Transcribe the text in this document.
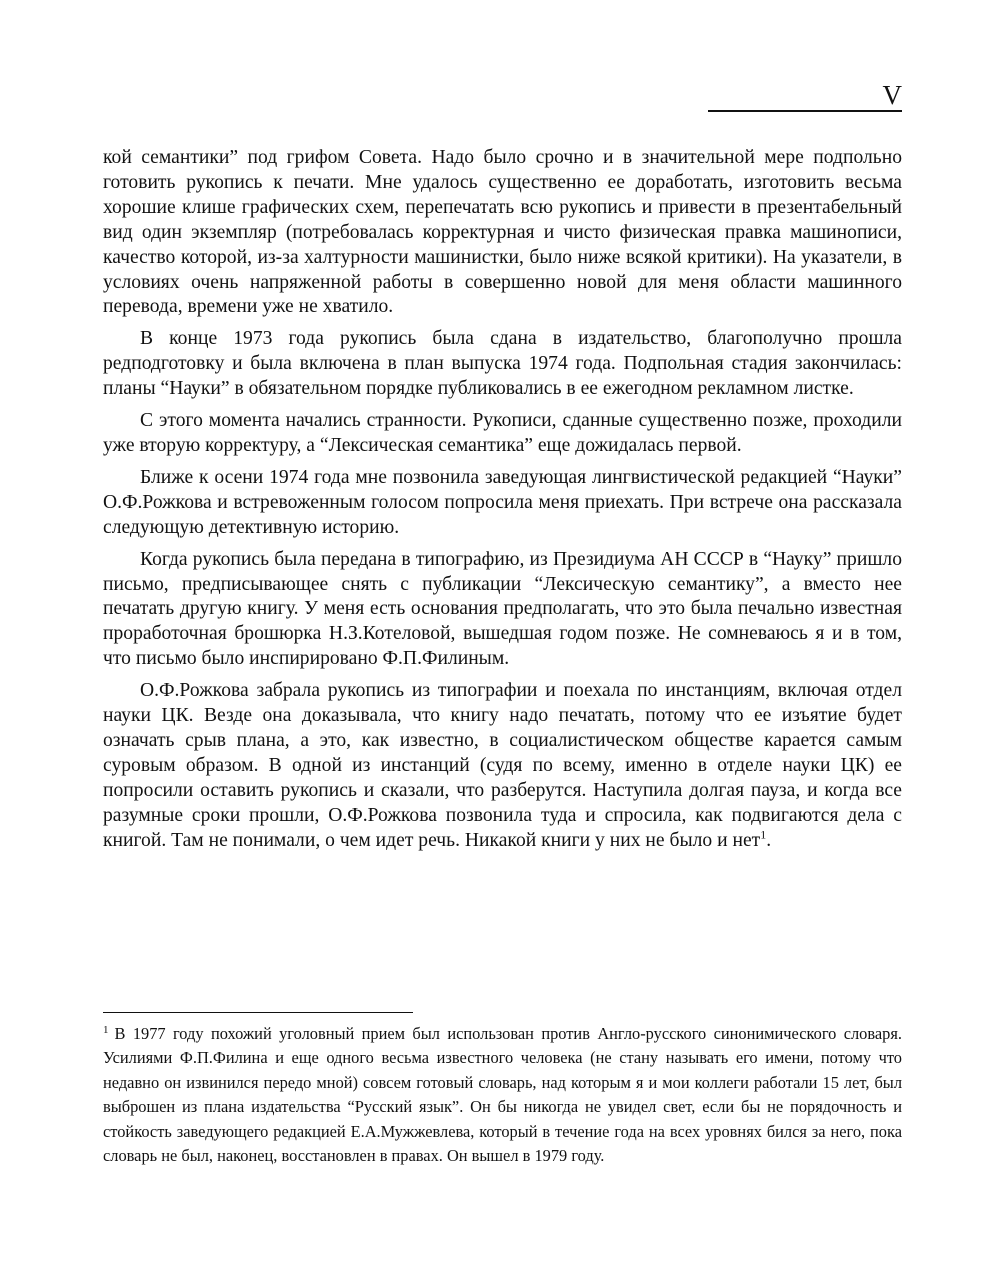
V

кой семантики” под грифом Совета. Надо было срочно и в значительной мере подпольно готовить рукопись к печати. Мне удалось существенно ее доработать, изготовить весьма хорошие клише графических схем, перепечатать всю рукопись и привести в презентабельный вид один экземпляр (потребовалась корректурная и чисто физическая правка машинописи, качество которой, из-за халтурности машинистки, было ниже всякой критики). На указатели, в условиях очень напряженной работы в совершенно новой для меня области машинного перевода, времени уже не хватило.

В конце 1973 года рукопись была сдана в издательство, благополучно прошла редподготовку и была включена в план выпуска 1974 года. Подпольная стадия закончилась: планы “Науки” в обязательном порядке публиковались в ее ежегодном рекламном листке.

С этого момента начались странности. Рукописи, сданные существенно позже, проходили уже вторую корректуру, а “Лексическая семантика” еще дожидалась первой.

Ближе к осени 1974 года мне позвонила заведующая лингвистической редакцией “Науки” О.Ф.Рожкова и встревоженным голосом попросила меня приехать. При встрече она рассказала следующую детективную историю.

Когда рукопись была передана в типографию, из Президиума АН СССР в “Науку” пришло письмо, предписывающее снять с публикации “Лексическую семантику”, а вместо нее печатать другую книгу. У меня есть основания предполагать, что это была печально известная проработочная брошюрка Н.З.Котеловой, вышедшая годом позже. Не сомневаюсь я и в том, что письмо было инспирировано Ф.П.Филиным.

О.Ф.Рожкова забрала рукопись из типографии и поехала по инстанциям, включая отдел науки ЦК. Везде она доказывала, что книгу надо печатать, потому что ее изъятие будет означать срыв плана, а это, как известно, в социалистическом обществе карается самым суровым образом. В одной из инстанций (судя по всему, именно в отделе науки ЦК) ее попросили оставить рукопись и сказали, что разберутся. Наступила долгая пауза, и когда все разумные сроки прошли, О.Ф.Рожкова позвонила туда и спросила, как подвигаются дела с книгой. Там не понимали, о чем идет речь. Никакой книги у них не было и нет$^1$.

$^1$ В 1977 году похожий уголовный прием был использован против Англо-русского синонимического словаря. Усилиями Ф.П.Филина и еще одного весьма известного человека (не стану называть его имени, потому что недавно он извинился передо мной) совсем готовый словарь, над которым я и мои коллеги работали 15 лет, был выброшен из плана издательства “Русский язык”. Он бы никогда не увидел свет, если бы не порядочность и стойкость заведующего редакцией Е.А.Мужжевлева, который в течение года на всех уровнях бился за него, пока словарь не был, наконец, восстановлен в правах. Он вышел в 1979 году.
